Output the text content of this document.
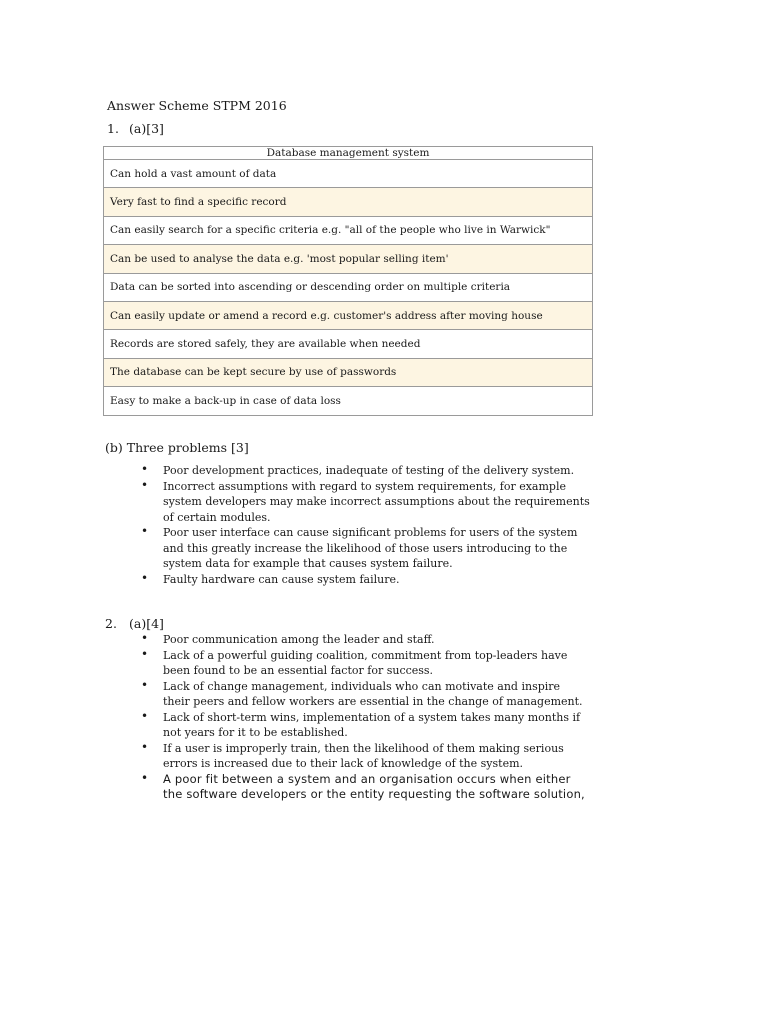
Answer Scheme STPM 2016
1. (a)[3]
Database management system
Can hold a vast amount of data
Very fast to find a specific record
Can easily search for a specific criteria e.g. "all of the people who live in Warwick"
Can be used to analyse the data e.g. 'most popular selling item'
Data can be sorted into ascending or descending order on multiple criteria
Can easily update or amend a record e.g. customer's address after moving house
Records are stored safely, they are available when needed
The database can be kept secure by use of passwords
Easy to make a back-up in case of data loss
(b) Three problems [3]
• Poor development practices, inadequate of testing of the delivery system.
• Incorrect assumptions with regard to system requirements, for example system developers may make incorrect assumptions about the requirements of certain modules.
• Poor user interface can cause significant problems for users of the system and this greatly increase the likelihood of those users introducing to the system data for example that causes system failure.
• Faulty hardware can cause system failure.
2. (a)[4]
• Poor communication among the leader and staff.
• Lack of a powerful guiding coalition, commitment from top-leaders have been found to be an essential factor for success.
• Lack of change management, individuals who can motivate and inspire their peers and fellow workers are essential in the change of management.
• Lack of short-term wins, implementation of a system takes many months if not years for it to be established.
• If a user is improperly train, then the likelihood of them making serious errors is increased due to their lack of knowledge of the system.
• A poor fit between a system and an organisation occurs when either the software developers or the entity requesting the software solution,
